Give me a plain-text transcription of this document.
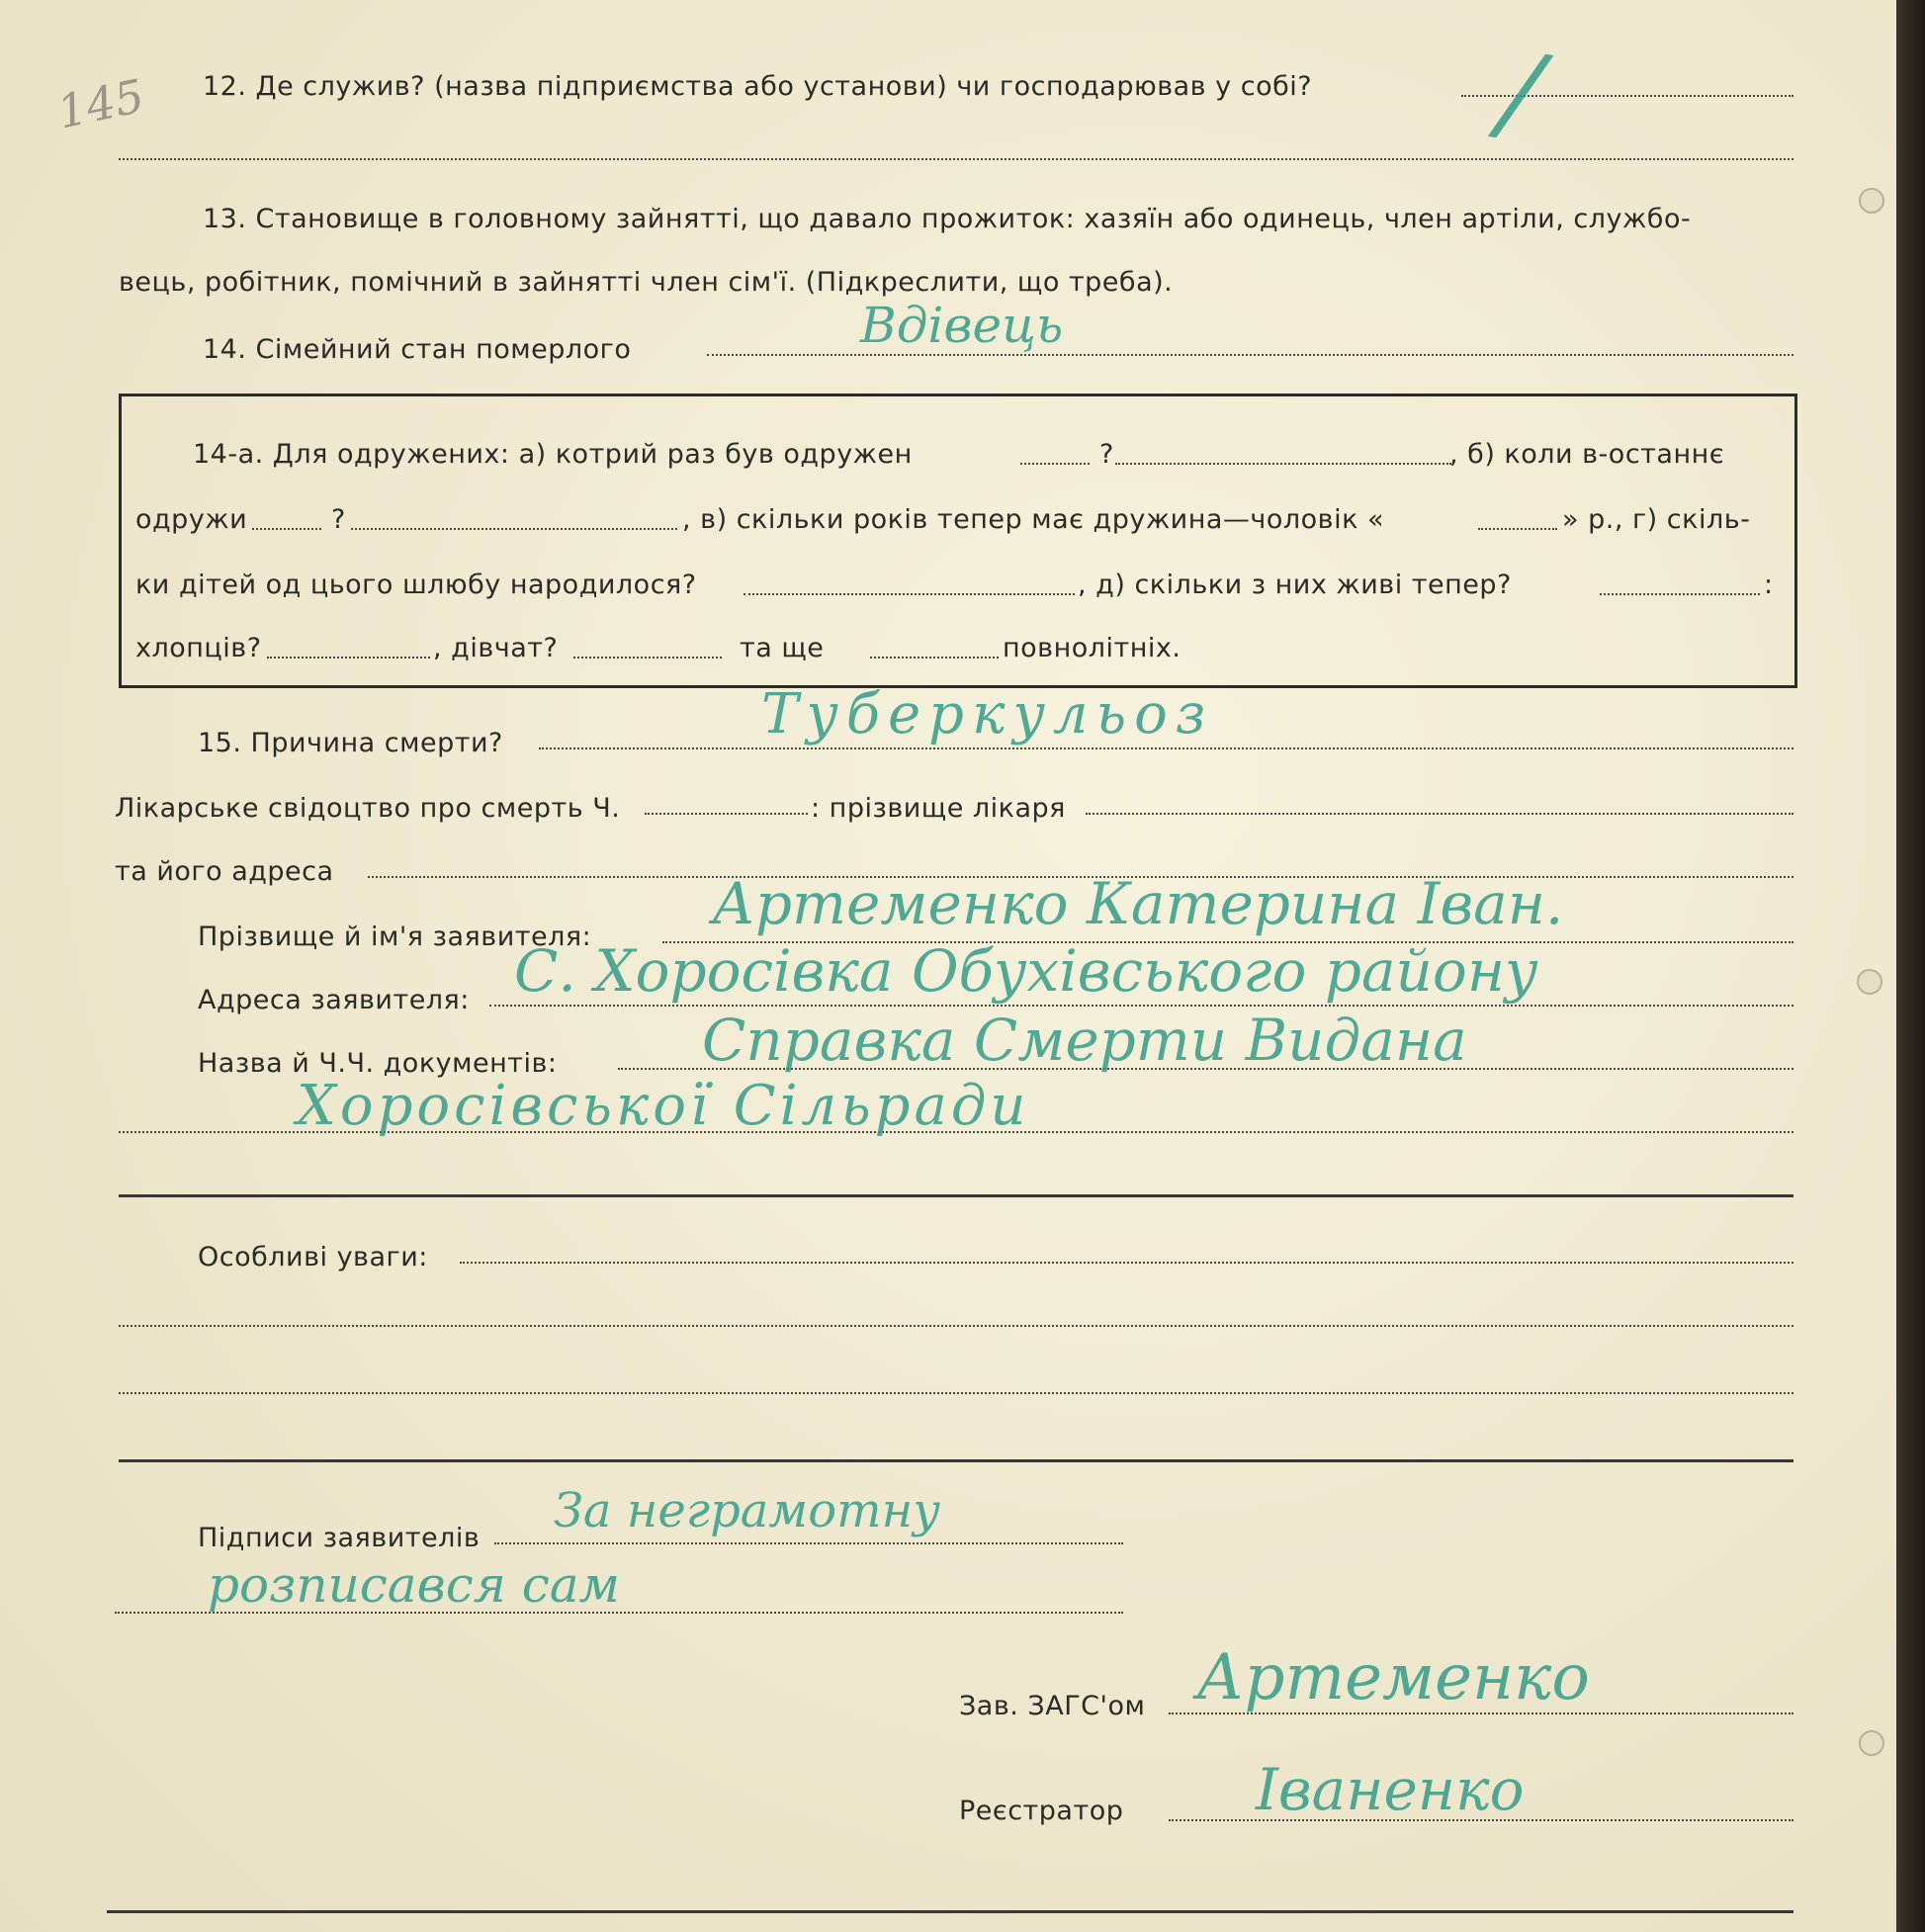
145 12. Де служив? (назва підприємства або установи) чи господарював у собі? /
13. Становище в головному зайнятті, що давало прожиток: хазяїн або одинець, член артіли, службо-
вець, робітник, помічний в зайнятті член сім'ї. (Підкреслити, що треба).
14. Сімейний стан померлого	Вдівець
14-а. Для одружених: а) котрий раз був одружен	?	, б) коли в-останнє
одружи	?	, в) скільки років тепер має дружина—чоловік «	» р., г) скіль-
ки дітей од цього шлюбу народилося?	, д) скільки з них живі тепер?	:
хлопців?	, дівчат?	та ще	повнолітніх.
15. Причина смерти?	Туберкульоз
Лікарське свідоцтво про смерть Ч.	: прізвище лікаря
та його адреса
Прізвище й ім'я заявителя: Артеменко Катерина Іван.
Адреса заявителя: С. Хоросівка Обухівського району
Назва й Ч.Ч. документів:	Справка Смерти Видана
Хоросівської Сільради
Особливі уваги:
Підписи заявителів За неграмотну
розписався сам
Зав. ЗАГС'ом Артеменко
Реєстратор Іваненко
